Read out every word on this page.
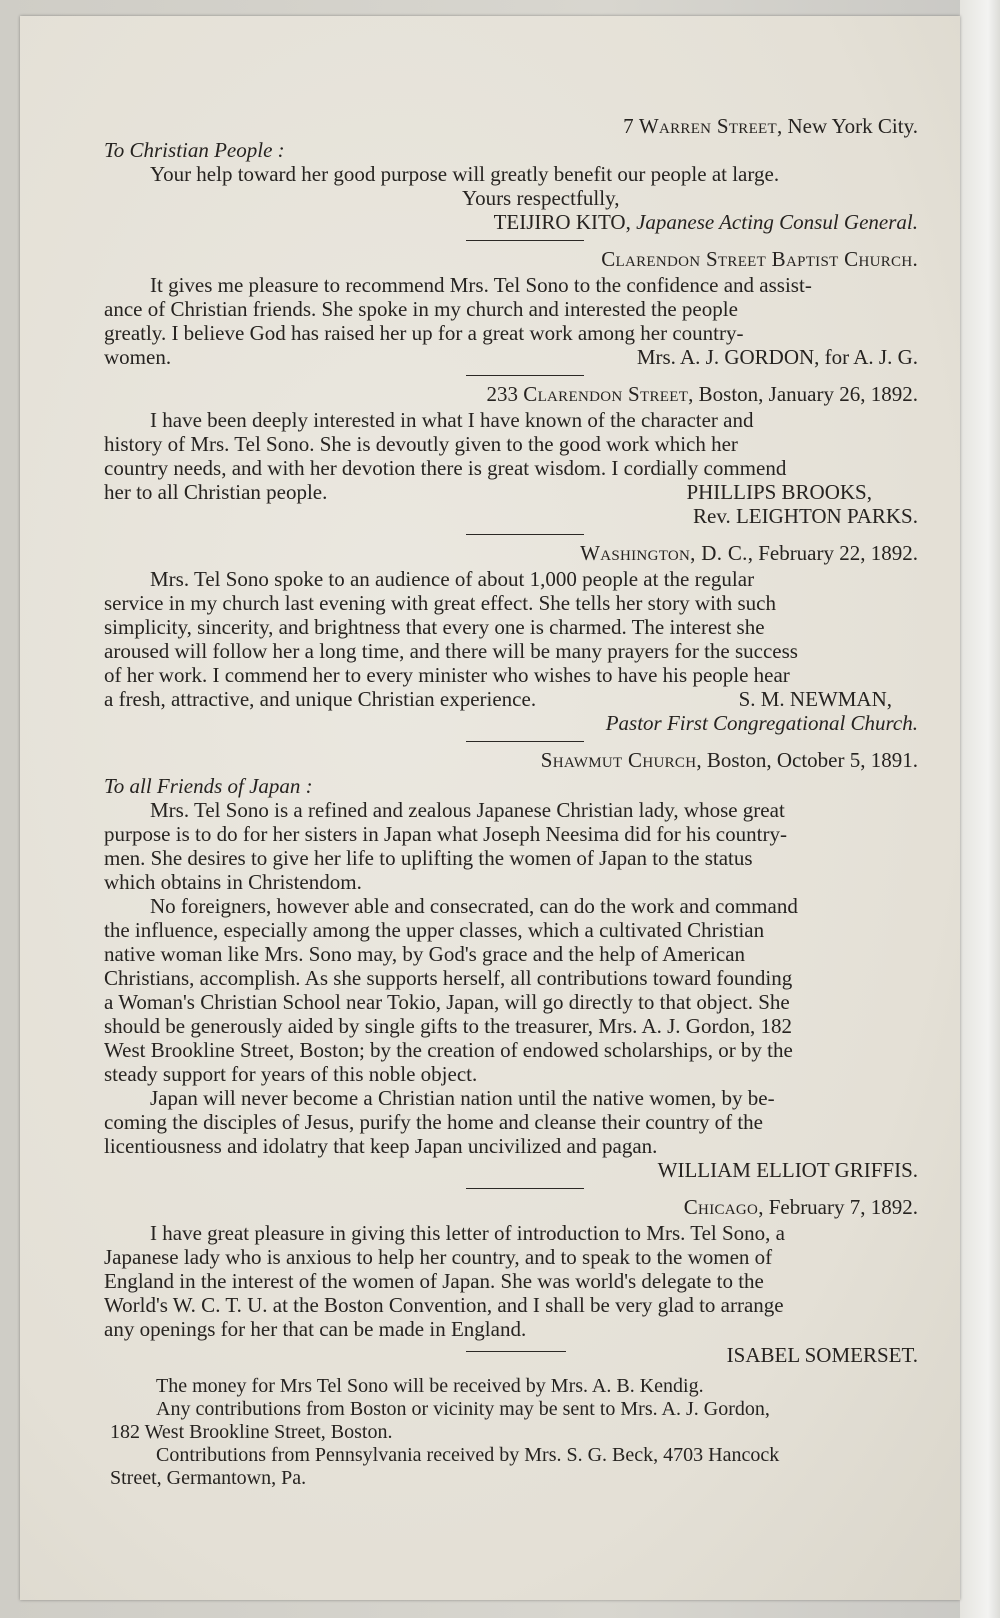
7 Warren Street, New York City.
To Christian People :
Your help toward her good purpose will greatly benefit our people at large.
Yours respectfully,
TEIJIRO KITO, Japanese Acting Consul General.
Clarendon Street Baptist Church.
It gives me pleasure to recommend Mrs. Tel Sono to the confidence and assist-
ance of Christian friends. She spoke in my church and interested the people
greatly. I believe God has raised her up for a great work among her country-
women.	Mrs. A. J. GORDON, for A. J. G.
233 Clarendon Street, Boston, January 26, 1892.
I have been deeply interested in what I have known of the character and
history of Mrs. Tel Sono. She is devoutly given to the good work which her
country needs, and with her devotion there is great wisdom. I cordially commend
her to all Christian people.	PHILLIPS BROOKS,
Rev. LEIGHTON PARKS.
Washington, D. C., February 22, 1892.
Mrs. Tel Sono spoke to an audience of about 1,000 people at the regular
service in my church last evening with great effect. She tells her story with such
simplicity, sincerity, and brightness that every one is charmed. The interest she
aroused will follow her a long time, and there will be many prayers for the success
of her work. I commend her to every minister who wishes to have his people hear
a fresh, attractive, and unique Christian experience.	S. M. NEWMAN,
Pastor First Congregational Church.
Shawmut Church, Boston, October 5, 1891.
To all Friends of Japan :
Mrs. Tel Sono is a refined and zealous Japanese Christian lady, whose great
purpose is to do for her sisters in Japan what Joseph Neesima did for his country-
men. She desires to give her life to uplifting the women of Japan to the status
which obtains in Christendom.
No foreigners, however able and consecrated, can do the work and command
the influence, especially among the upper classes, which a cultivated Christian
native woman like Mrs. Sono may, by God's grace and the help of American
Christians, accomplish. As she supports herself, all contributions toward founding
a Woman's Christian School near Tokio, Japan, will go directly to that object. She
should be generously aided by single gifts to the treasurer, Mrs. A. J. Gordon, 182
West Brookline Street, Boston; by the creation of endowed scholarships, or by the
steady support for years of this noble object.
Japan will never become a Christian nation until the native women, by be-
coming the disciples of Jesus, purify the home and cleanse their country of the
licentiousness and idolatry that keep Japan uncivilized and pagan.
WILLIAM ELLIOT GRIFFIS.
Chicago, February 7, 1892.
I have great pleasure in giving this letter of introduction to Mrs. Tel Sono, a
Japanese lady who is anxious to help her country, and to speak to the women of
England in the interest of the women of Japan. She was world's delegate to the
World's W. C. T. U. at the Boston Convention, and I shall be very glad to arrange
any openings for her that can be made in England.
ISABEL SOMERSET.
The money for Mrs Tel Sono will be received by Mrs. A. B. Kendig.
Any contributions from Boston or vicinity may be sent to Mrs. A. J. Gordon,
182 West Brookline Street, Boston.
Contributions from Pennsylvania received by Mrs. S. G. Beck, 4703 Hancock
Street, Germantown, Pa.
